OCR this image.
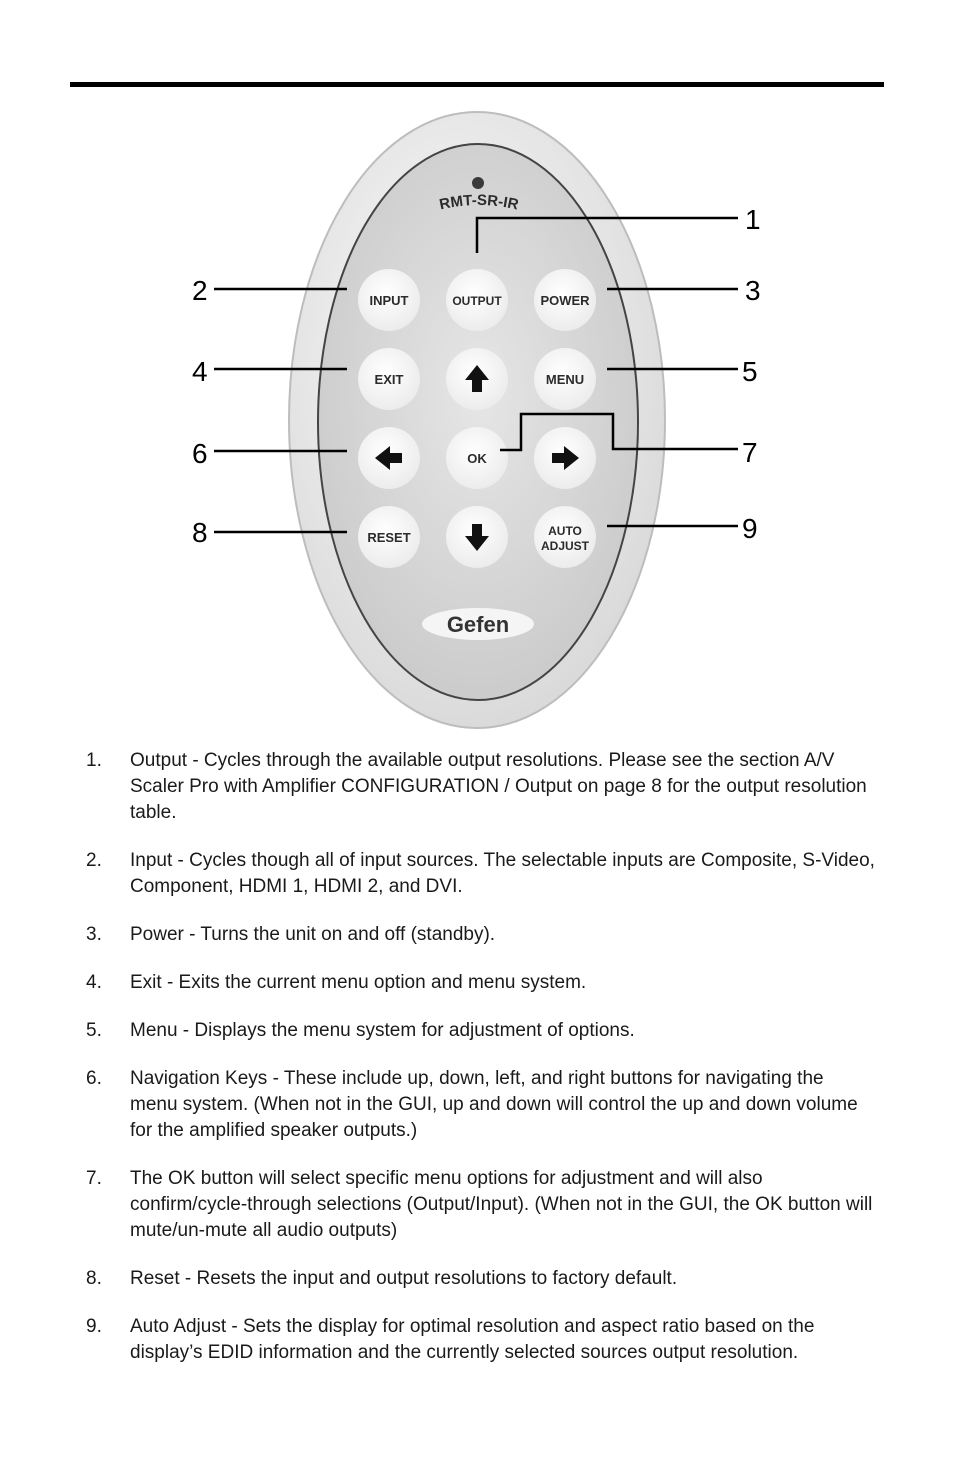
RMT-SR-IR
INPUT	OUTPUT	POWER
EXIT	MENU
OK
RESET	AUTO
ADJUST
Gefen
1
2	3
4	5
6	7
8	9
1.	Output - Cycles through the available output resolutions. Please see the section A/V Scaler Pro with Amplifier CONFIGURATION / Output on page 8 for the output resolution table.
2.	Input - Cycles though all of input sources. The selectable inputs are Composite, S-Video, Component, HDMI 1, HDMI 2, and DVI.
3.	Power - Turns the unit on and off (standby).
4.	Exit - Exits the current menu option and menu system.
5.	Menu - Displays the menu system for adjustment of options.
6.	Navigation Keys - These include up, down, left, and right buttons for navigating the menu system. (When not in the GUI, up and down will control the up and down volume for the amplified speaker outputs.)
7.	The OK button will select specific menu options for adjustment and will also confirm/cycle-through selections (Output/Input). (When not in the GUI, the OK button will mute/un-mute all audio outputs)
8.	Reset - Resets the input and output resolutions to factory default.
9.	Auto Adjust - Sets the display for optimal resolution and aspect ratio based on the display’s EDID information and the currently selected sources output resolution.
